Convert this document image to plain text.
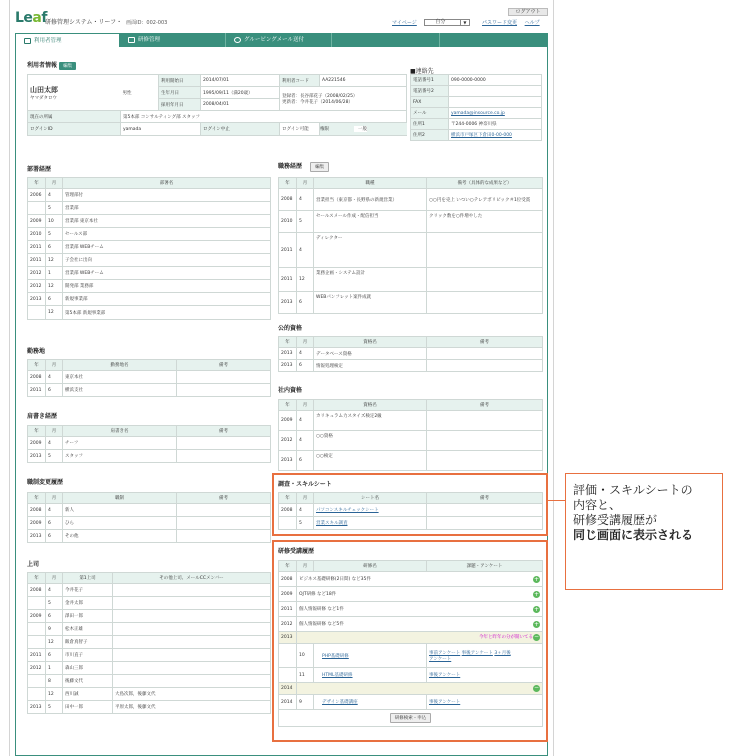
Leaf
研修管理システム・リーフ・ 画面ID：002-003
ログアウト
マイページ	自分	▼	パスワード変更 ヘルプ
利用者管理	研修管理	グルーピングメール送付
利用者情報 編集
山田太郎
ヤマダタロウ	男性	利用開始日	2014/07/01	利用者コード	AA221546
		生年月日	1995/09/11（満20歳）	登録者：長谷部花子（2008/02/25）
更新者：今井花子（2014/06/28）	

		採用年月日	2008/04/01		
現在の所属	第5本部 コンサルティング部 スタッフ				
ログインID	yamada		ログイン中止	ログイン可能	権限 一般
■連絡先
電話番号1	090-0000-0000
電話番号2	
FAX	
メール	yamada@insource.co.jp
住所1	〒244-0006 神奈川県
住所2	横浜市戸塚区下倉田0-00-000
部署経歴
年	月	部署名
2006	4	管理部付
	5	営業部
2009	10	営業部 東京本社
2010	5	セールス部
2011	6	営業部 WEBチーム
2011	12	子会社に出向
2012	1	営業部 WEBチーム
2012	12	開発部 業務部
2013	6	新規事業部
	12	第5本部 新規事業部
勤務地
年	月	勤務地名	備考
2008	4	東京本社	
2011	6	横浜支社	
肩書き経歴
年	月	肩書き名	備考
2009	4	チーフ	
2013	5	スタッフ	
職制変更履歴
年	月	職制	備考
2008	4	新人	
2009	6	ひら	
2013	6	その他	
上司
年	月	第1上司	その他上司、メールCCメンバー
2008	4	今井花子	
	5	金井太郎	
2009	6	澤田一郎	
	9	松木正雄	
	12	飯倉真智子	
2011	6	市川直子	
2012	1	森山三郎	
	8	後藤文代	
	12	西川誠	大島次郎，後藤文代
2013	5	田中一郎	平原太郎，後藤文代
職務経歴	編集
年	月	職種	備考（具体的な成果など）
2008	4	営業担当（東京都・長野県の新規営業）	○○円を売上 いつい○テレアポリピック＃1位受賞
2010	5	セールスメール作成・配信担当	クリック数を○件増やした
2011	4	ディレクター	
2011	12	業務企画・システム設計	
2013	6	WEBパンフレット案件成就	
公的資格
年	月	資格名	備考
2013	4	データベース資格	
2013	6	情報処理検定	
社内資格
年	月	資格名	備考
2009	4	カリキュラム力スタイズ検定2級	
2012	4	○○資格	
2013	6	○○検定	
調査・スキルシート
年	月	シート名	備考
2008	4	パソコンスキルチェックシート	
	5	営業スキル調査	
研修受講履歴
年	月	研修名	課題・アンケート
2008	ビジネス基礎研修(2日間) など35件 +		

2009	OJT研修 など18件 +		

2011	個人情報研修 など1件 +		

2012	個人情報研修 など5件 +		

2013	今年と昨年の分が開いてる −		

	10	PHP基礎研修	事前アンケート 事後アンケート 3ヶ月後
アンケート
	11	HTML基礎研修	事後アンケート
2014	−		

2014	9	デザイン基礎講座	事後アンケート
研修検索・申込			
評価・スキルシートの
内容と、
研修受講履歴が
同じ画面に表示される
